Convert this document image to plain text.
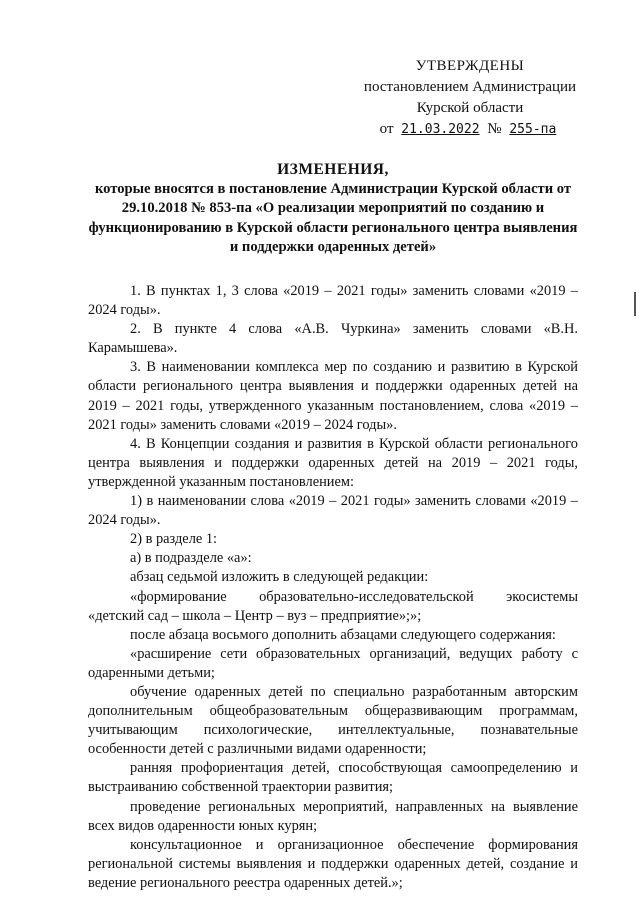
УТВЕРЖДЕНЫ
постановлением Администрации
Курской области
от 21.03.2022 № 255-па
ИЗМЕНЕНИЯ,
которые вносятся в постановление Администрации Курской области от 29.10.2018 № 853-па «О реализации мероприятий по созданию и функционированию в Курской области регионального центра выявления и поддержки одаренных детей»

1. В пунктах 1, 3 слова «2019 – 2021 годы» заменить словами «2019 – 2024 годы».

2. В пункте 4 слова «А.В. Чуркина» заменить словами «В.Н. Карамышева».

3. В наименовании комплекса мер по созданию и развитию в Курской области регионального центра выявления и поддержки одаренных детей на 2019 – 2021 годы, утвержденного указанным постановлением, слова «2019 – 2021 годы» заменить словами «2019 – 2024 годы».

4. В Концепции создания и развития в Курской области регионального центра выявления и поддержки одаренных детей на 2019 – 2021 годы, утвержденной указанным постановлением:

1) в наименовании слова «2019 – 2021 годы» заменить словами «2019 – 2024 годы».

2) в разделе 1:

а) в подразделе «а»:

абзац седьмой изложить в следующей редакции:

«формирование образовательно-исследовательской экосистемы «детский сад – школа – Центр – вуз – предприятие»;»;

после абзаца восьмого дополнить абзацами следующего содержания:

«расширение сети образовательных организаций, ведущих работу с одаренными детьми;

обучение одаренных детей по специально разработанным авторским дополнительным общеобразовательным общеразвивающим программам, учитывающим психологические, интеллектуальные, познавательные особенности детей с различными видами одаренности;

ранняя профориентация детей, способствующая самоопределению и выстраиванию собственной траектории развития;

проведение региональных мероприятий, направленных на выявление всех видов одаренности юных курян;

консультационное и организационное обеспечение формирования региональной системы выявления и поддержки одаренных детей, создание и ведение регионального реестра одаренных детей.»;
